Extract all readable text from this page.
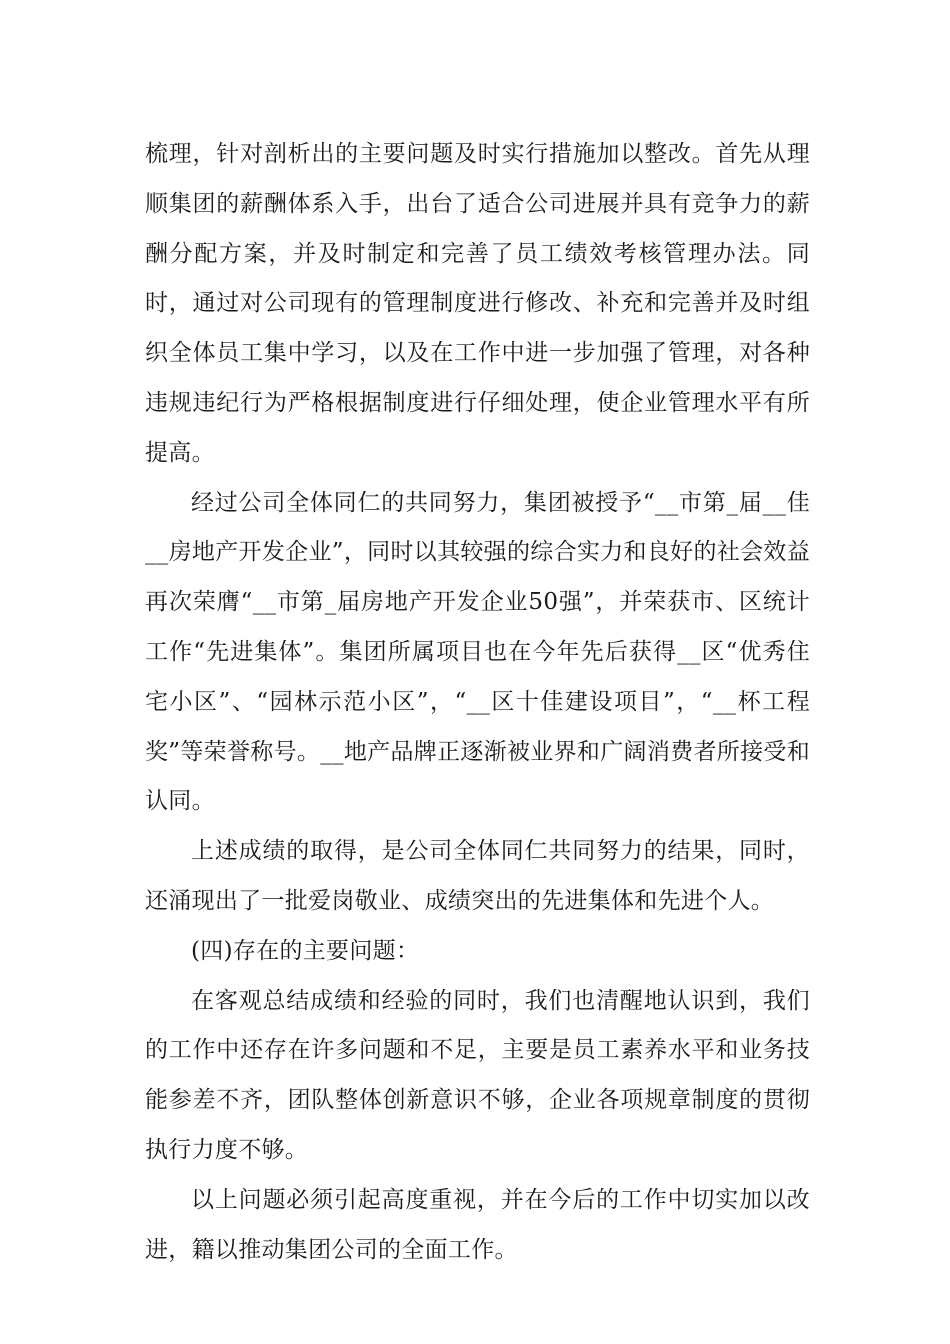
梳理，针对剖析出的主要问题及时实行措施加以整改。首先从理顺集团的薪酬体系入手，出台了适合公司进展并具有竞争力的薪酬分配方案，并及时制定和完善了员工绩效考核管理办法。同时，通过对公司现有的管理制度进行修改、补充和完善并及时组织全体员工集中学习，以及在工作中进一步加强了管理，对各种违规违纪行为严格根据制度进行仔细处理，使企业管理水平有所提高。

经过公司全体同仁的共同努力，集团被授予“__市第_届__佳__房地产开发企业”，同时以其较强的综合实力和良好的社会效益再次荣膺“__市第_届房地产开发企业50强”，并荣获市、区统计工作“先进集体”。集团所属项目也在今年先后获得__区“优秀住宅小区”、“园林示范小区”，“__区十佳建设项目”，“__杯工程奖”等荣誉称号。__地产品牌正逐渐被业界和广阔消费者所接受和认同。

上述成绩的取得，是公司全体同仁共同努力的结果，同时，还涌现出了一批爱岗敬业、成绩突出的先进集体和先进个人。

(四)存在的主要问题：

在客观总结成绩和经验的同时，我们也清醒地认识到，我们的工作中还存在许多问题和不足，主要是员工素养水平和业务技能参差不齐，团队整体创新意识不够，企业各项规章制度的贯彻执行力度不够。

以上问题必须引起高度重视，并在今后的工作中切实加以改进，籍以推动集团公司的全面工作。
